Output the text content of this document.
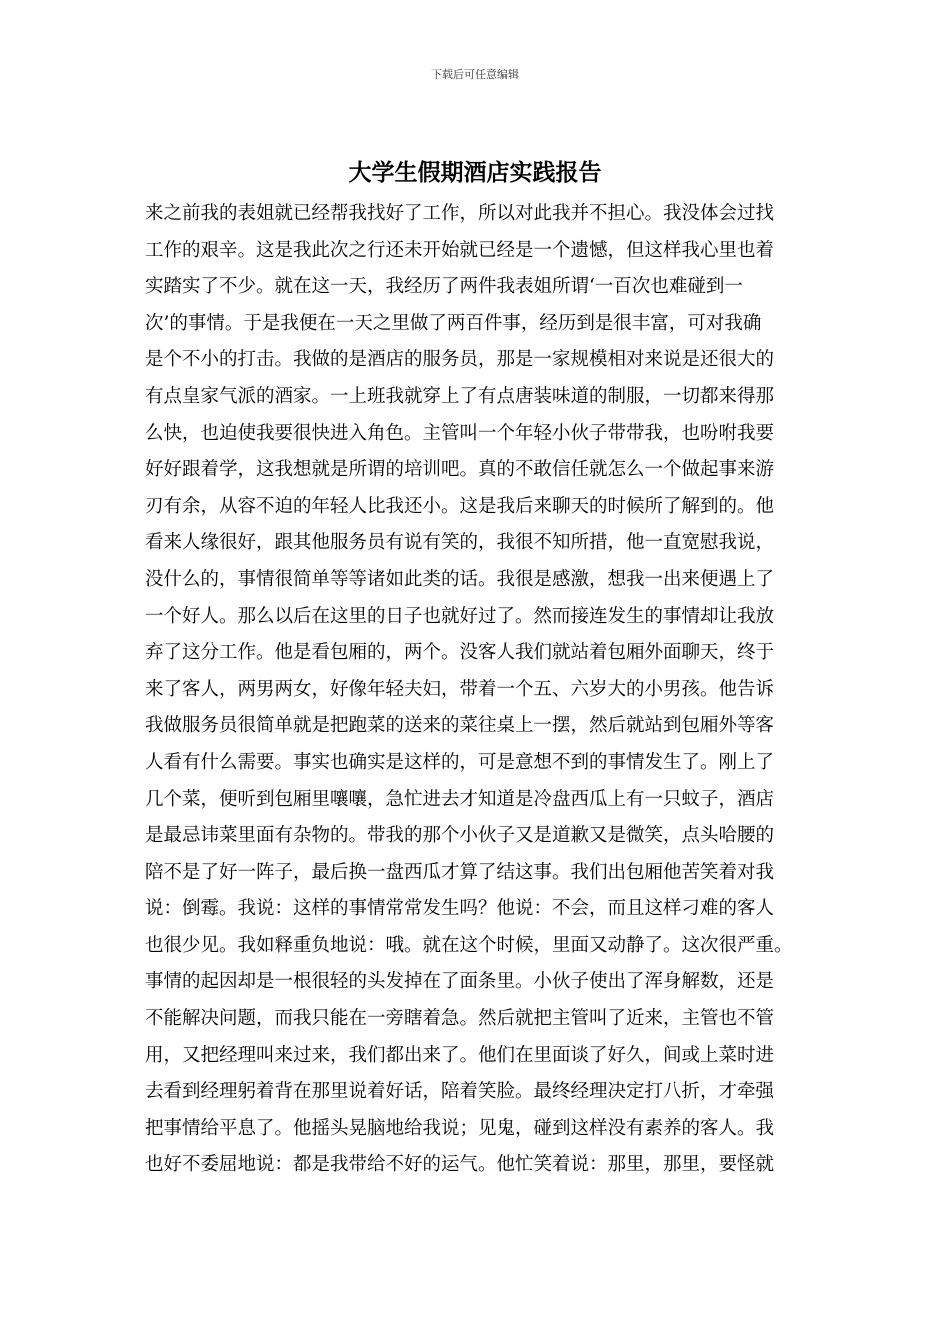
下载后可任意编辑
大学生假期酒店实践报告
来之前我的表姐就已经帮我找好了工作，所以对此我并不担心。我没体会过找
工作的艰辛。这是我此次之行还未开始就已经是一个遗憾，但这样我心里也着
实踏实了不少。就在这一天，我经历了两件我表姐所谓‘一百次也难碰到一
次’的事情。于是我便在一天之里做了两百件事，经历到是很丰富，可对我确
是个不小的打击。我做的是酒店的服务员，那是一家规模相对来说是还很大的
有点皇家气派的酒家。一上班我就穿上了有点唐装味道的制服，一切都来得那
么快，也迫使我要很快进入角色。主管叫一个年轻小伙子带带我，也吩咐我要
好好跟着学，这我想就是所谓的培训吧。真的不敢信任就怎么一个做起事来游
刃有余，从容不迫的年轻人比我还小。这是我后来聊天的时候所了解到的。他
看来人缘很好，跟其他服务员有说有笑的，我很不知所措，他一直宽慰我说，
没什么的，事情很简单等等诸如此类的话。我很是感激，想我一出来便遇上了
一个好人。那么以后在这里的日子也就好过了。然而接连发生的事情却让我放
弃了这分工作。他是看包厢的，两个。没客人我们就站着包厢外面聊天，终于
来了客人，两男两女，好像年轻夫妇，带着一个五、六岁大的小男孩。他告诉
我做服务员很简单就是把跑菜的送来的菜往桌上一摆，然后就站到包厢外等客
人看有什么需要。事实也确实是这样的，可是意想不到的事情发生了。刚上了
几个菜，便听到包厢里嚷嚷，急忙进去才知道是冷盘西瓜上有一只蚊子，酒店
是最忌讳菜里面有杂物的。带我的那个小伙子又是道歉又是微笑，点头哈腰的
陪不是了好一阵子，最后换一盘西瓜才算了结这事。我们出包厢他苦笑着对我
说：倒霉。我说：这样的事情常常发生吗？他说：不会，而且这样刁难的客人
也很少见。我如释重负地说：哦。就在这个时候，里面又动静了。这次很严重。
事情的起因却是一根很轻的头发掉在了面条里。小伙子使出了浑身解数，还是
不能解决问题，而我只能在一旁瞎着急。然后就把主管叫了近来，主管也不管
用，又把经理叫来过来，我们都出来了。他们在里面谈了好久，间或上菜时进
去看到经理躬着背在那里说着好话，陪着笑脸。最终经理决定打八折，才牵强
把事情给平息了。他摇头晃脑地给我说；见鬼，碰到这样没有素养的客人。我
也好不委屈地说：都是我带给不好的运气。他忙笑着说：那里，那里，要怪就
